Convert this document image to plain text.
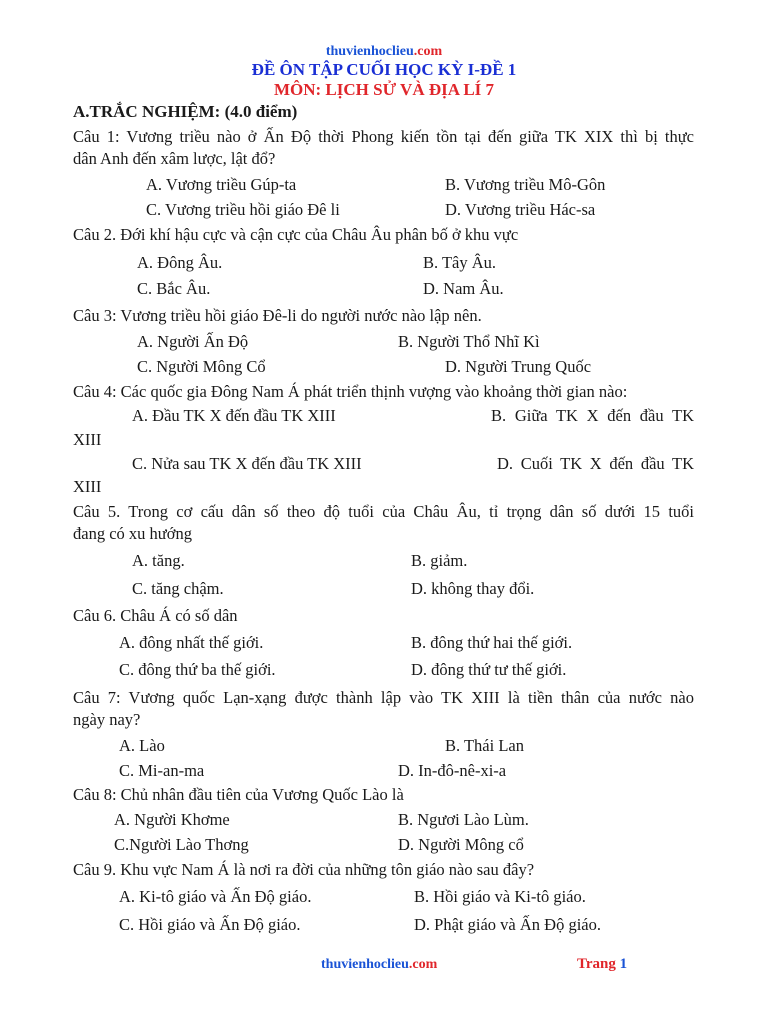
thuvienhoclieu.com
ĐỀ ÔN TẬP CUỐI HỌC KỲ I-ĐỀ 1
MÔN: LỊCH SỬ VÀ ĐỊA LÍ 7
A.TRẮC NGHIỆM: (4.0 điểm)
Câu 1: Vương triều nào ở Ấn Độ thời Phong kiến tồn tại đến giữa TK XIX thì bị thực
dân Anh đến xâm lược, lật đổ?
A. Vương triều Gúp-ta	B. Vương triều Mô-Gôn
C. Vương triều hồi giáo Đê li	D. Vương triều Hác-sa
Câu 2. Đới khí hậu cực và cận cực của Châu Âu phân bố ở khu vực
A. Đông Âu.	B. Tây Âu.
C. Bắc Âu.	D. Nam Âu.
Câu 3: Vương triều hồi giáo Đê-li do người nước nào lập nên.
A. Người Ấn Độ	B. Người Thổ Nhĩ Kì
C. Người Mông Cổ	D. Người Trung Quốc
Câu 4: Các quốc gia Đông Nam Á phát triển thịnh vượng vào khoảng thời gian nào:
A. Đầu TK X đến đầu TK XIII	B. Giữa TK X đến đầu TK
XIII
C. Nửa sau TK X đến đầu TK XIII	D. Cuối TK X đến đầu TK
XIII
Câu 5. Trong cơ cấu dân số theo độ tuổi của Châu Âu, tỉ trọng dân số dưới 15 tuổi
đang có xu hướng
A. tăng.	B. giảm.
C. tăng chậm.	D. không thay đổi.
Câu 6. Châu Á có số dân
A. đông nhất thế giới.	B. đông thứ hai thế giới.
C. đông thứ ba thế giới.	D. đông thứ tư thế giới.
Câu 7: Vương quốc Lạn-xạng được thành lập vào TK XIII là tiền thân của nước nào
ngày nay?
A. Lào	B. Thái Lan
C. Mi-an-ma	D. In-đô-nê-xi-a
Câu 8: Chủ nhân đầu tiên của Vương Quốc Lào là
A. Người Khơme	B. Ngươi Lào Lùm.
C.Người Lào Thơng	D. Người Mông cổ
Câu 9. Khu vực Nam Á là nơi ra đời của những tôn giáo nào sau đây?
A. Ki-tô giáo và Ấn Độ giáo.	B. Hồi giáo và Ki-tô giáo.
C. Hồi giáo và Ấn Độ giáo.	D. Phật giáo và Ấn Độ giáo.
thuvienhoclieu.com	Trang 1
